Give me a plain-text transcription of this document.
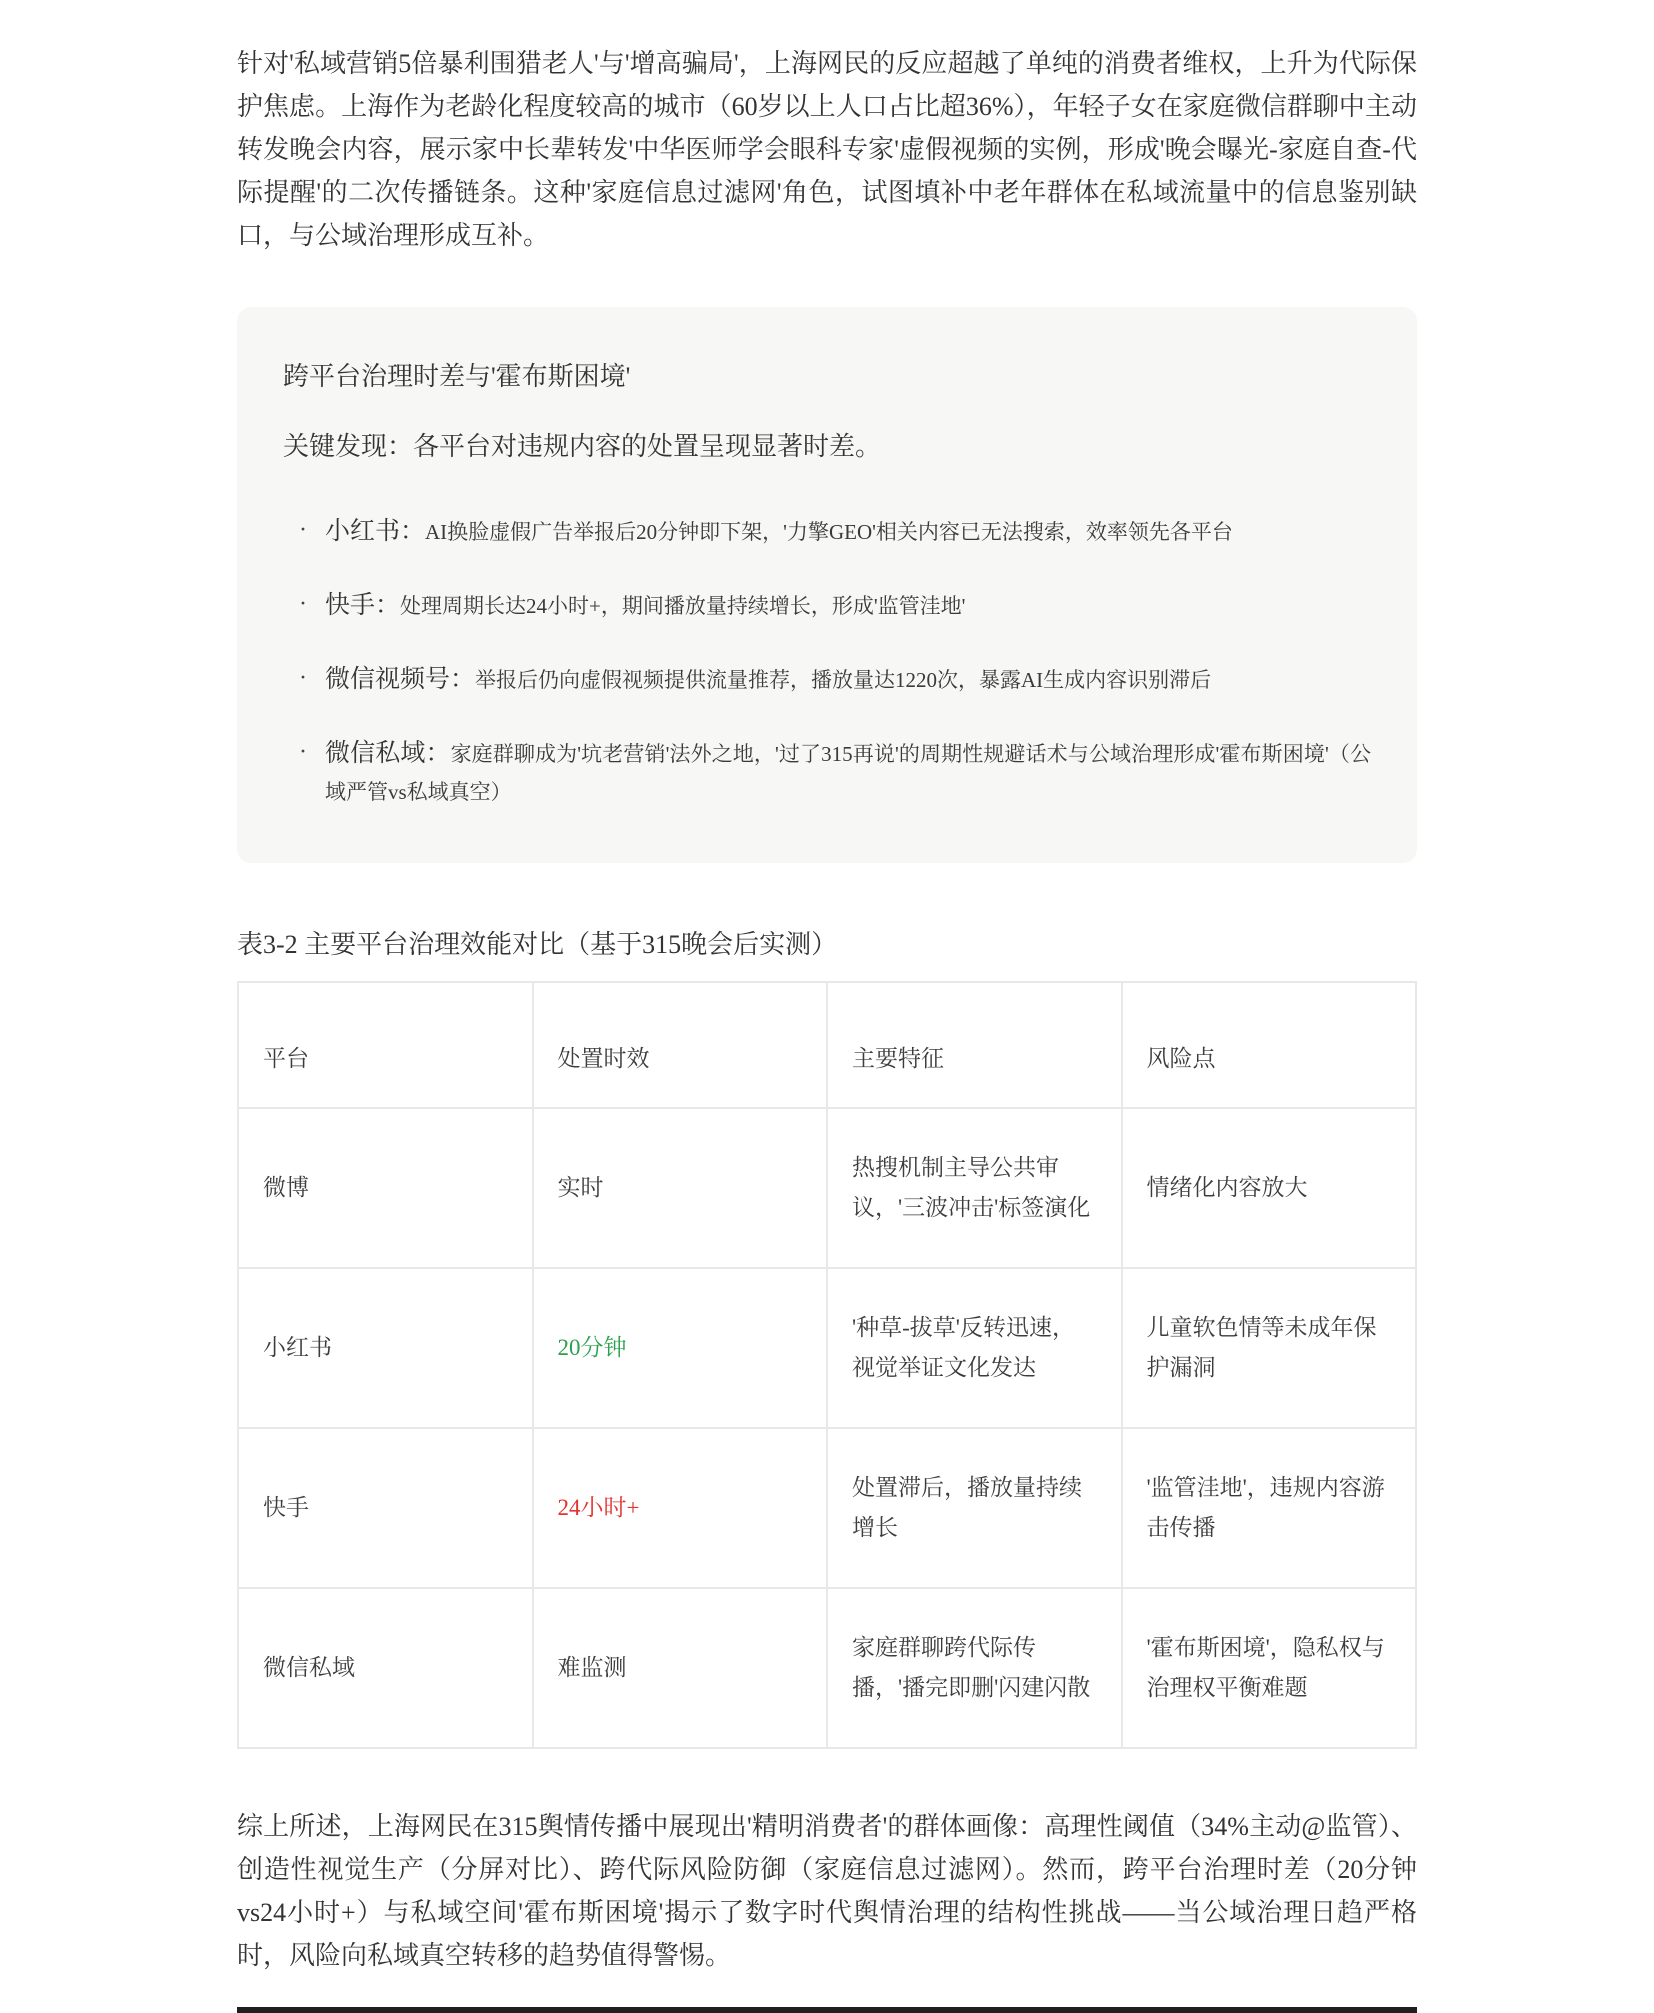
针对'私域营销5倍暴利围猎老人'与'增高骗局'，上海网民的反应超越了单纯的消费者维权，上升为代际保护焦虑。上海作为老龄化程度较高的城市（60岁以上人口占比超36%），年轻子女在家庭微信群聊中主动转发晚会内容，展示家中长辈转发'中华医师学会眼科专家'虚假视频的实例，形成'晚会曝光-家庭自查-代际提醒'的二次传播链条。这种'家庭信息过滤网'角色，试图填补中老年群体在私域流量中的信息鉴别缺口，与公域治理形成互补。

跨平台治理时差与'霍布斯困境'

关键发现：各平台对违规内容的处置呈现显著时差。

· 小红书：AI换脸虚假广告举报后20分钟即下架，'力擎GEO'相关内容已无法搜索，效率领先各平台
· 快手：处理周期长达24小时+，期间播放量持续增长，形成'监管洼地'
· 微信视频号：举报后仍向虚假视频提供流量推荐，播放量达1220次，暴露AI生成内容识别滞后
· 微信私域：家庭群聊成为'坑老营销'法外之地，'过了315再说'的周期性规避话术与公域治理形成'霍布斯困境'（公域严管vs私域真空）

表3-2 主要平台治理效能对比（基于315晚会后实测）

平台	处置时效	主要特征	风险点
微博	实时	热搜机制主导公共审议，'三波冲击'标签演化	情绪化内容放大
小红书	20分钟	'种草-拔草'反转迅速，视觉举证文化发达	儿童软色情等未成年保护漏洞
快手	24小时+	处置滞后，播放量持续增长	'监管洼地'，违规内容游击传播
微信私域	难监测	家庭群聊跨代际传播，'播完即删'闪建闪散	'霍布斯困境'，隐私权与治理权平衡难题

综上所述，上海网民在315舆情传播中展现出'精明消费者'的群体画像：高理性阈值（34%主动@监管）、创造性视觉生产（分屏对比）、跨代际风险防御（家庭信息过滤网）。然而，跨平台治理时差（20分钟vs24小时+）与私域空间'霍布斯困境'揭示了数字时代舆情治理的结构性挑战——当公域治理日趋严格时，风险向私域真空转移的趋势值得警惕。
